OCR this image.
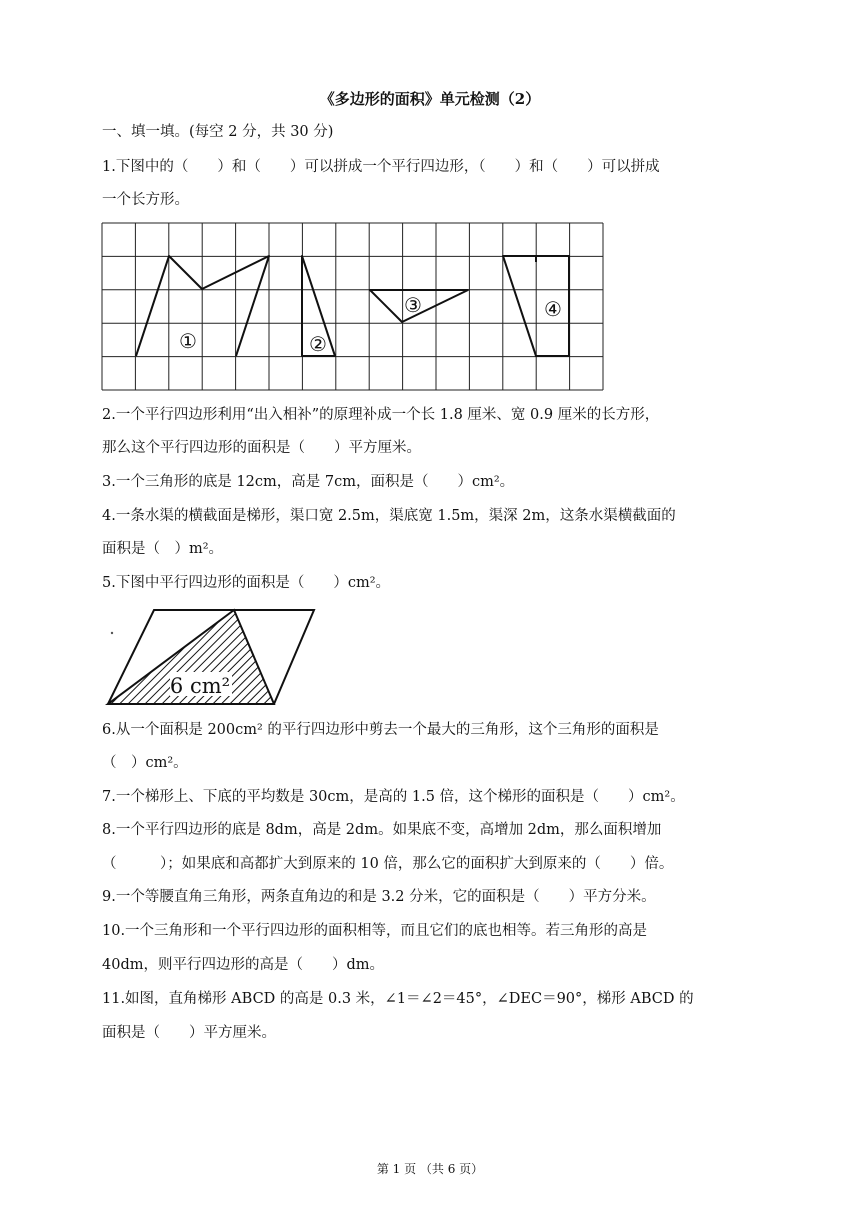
《多边形的面积》单元检测（2）
一、填一填。(每空 2 分，共 30 分)
1.下图中的（　　）和（　　）可以拼成一个平行四边形，（　　）和（　　）可以拼成
一个长方形。
①	②
③	④
2.一个平行四边形利用“出入相补”的原理补成一个长 1.8 厘米、宽 0.9 厘米的长方形，
那么这个平行四边形的面积是（　　）平方厘米。
3.一个三角形的底是 12cm，高是 7cm，面积是（　　）cm²。
4.一条水渠的横截面是梯形，渠口宽 2.5m，渠底宽 1.5m，渠深 2m，这条水渠横截面的
面积是（　）m²。
5.下图中平行四边形的面积是（　　）cm²。
6 cm²
6.从一个面积是 200cm² 的平行四边形中剪去一个最大的三角形，这个三角形的面积是
（　）cm²。
7.一个梯形上、下底的平均数是 30cm，是高的 1.5 倍，这个梯形的面积是（　　）cm²。
8.一个平行四边形的底是 8dm，高是 2dm。如果底不变，高增加 2dm，那么面积增加
（　　　）；如果底和高都扩大到原来的 10 倍，那么它的面积扩大到原来的（　　）倍。
9.一个等腰直角三角形，两条直角边的和是 3.2 分米，它的面积是（　　）平方分米。
10.一个三角形和一个平行四边形的面积相等，而且它们的底也相等。若三角形的高是
40dm，则平行四边形的高是（　　）dm。
11.如图，直角梯形 ABCD 的高是 0.3 米，∠1＝∠2＝45°，∠DEC＝90°，梯形 ABCD 的
面积是（　　）平方厘米。
第 1 页 （共 6 页）
